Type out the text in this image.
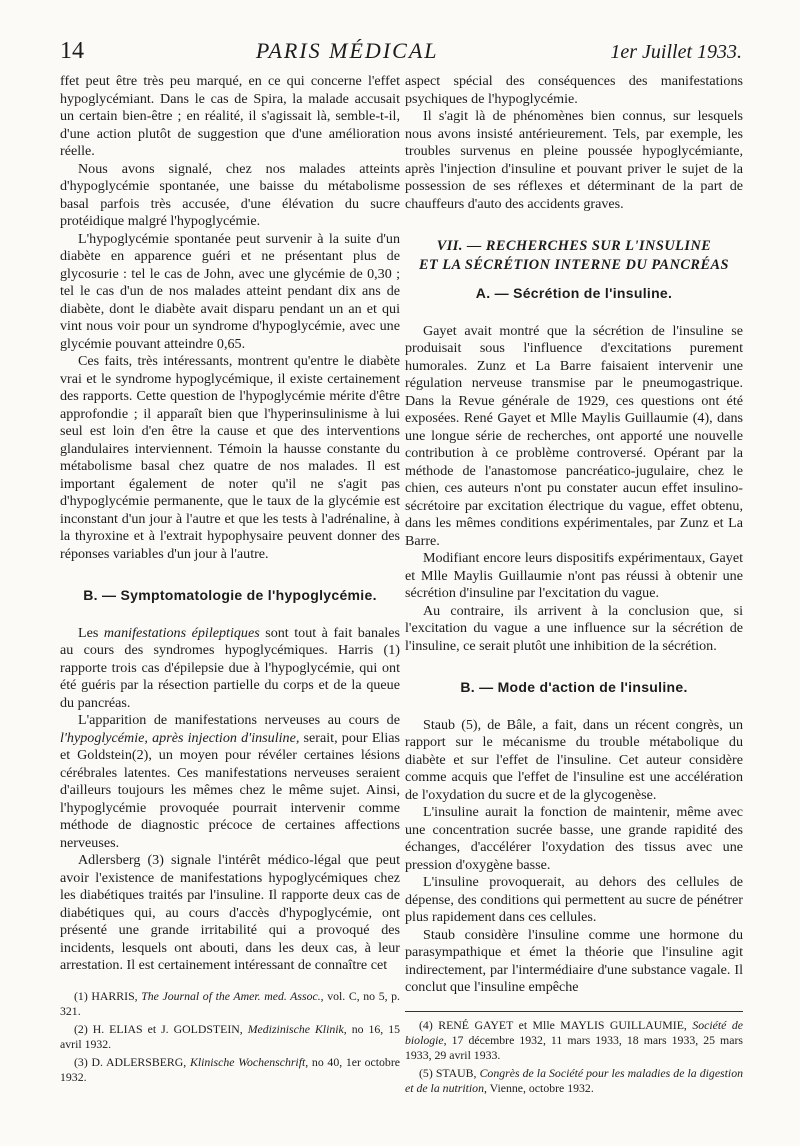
14	PARIS MÉDICAL	1er Juillet 1933.

ffet peut être très peu marqué, en ce qui concerne l'effet hypoglycémiant. Dans le cas de Spira, la malade accusait un certain bien-être ; en réalité, il s'agissait là, semble-t-il, d'une action plutôt de suggestion que d'une amélioration réelle.

Nous avons signalé, chez nos malades atteints d'hypoglycémie spontanée, une baisse du métabolisme basal parfois très accusée, d'une élévation du sucre protéidique malgré l'hypoglycémie.

L'hypoglycémie spontanée peut survenir à la suite d'un diabète en apparence guéri et ne présentant plus de glycosurie : tel le cas de John, avec une glycémie de 0,30 ; tel le cas d'un de nos malades atteint pendant dix ans de diabète, dont le diabète avait disparu pendant un an et qui vint nous voir pour un syndrome d'hypoglycémie, avec une glycémie pouvant atteindre 0,65.

Ces faits, très intéressants, montrent qu'entre le diabète vrai et le syndrome hypoglycémique, il existe certainement des rapports. Cette question de l'hypoglycémie mérite d'être approfondie ; il apparaît bien que l'hyperinsulinisme à lui seul est loin d'en être la cause et que des interventions glandulaires interviennent. Témoin la hausse constante du métabolisme basal chez quatre de nos malades. Il est important également de noter qu'il ne s'agit pas d'hypoglycémie permanente, que le taux de la glycémie est inconstant d'un jour à l'autre et que les tests à l'adrénaline, à la thyroxine et à l'extrait hypophysaire peuvent donner des réponses variables d'un jour à l'autre.

B. — Symptomatologie de l'hypoglycémie.

Les manifestations épileptiques sont tout à fait banales au cours des syndromes hypoglycémiques. Harris (1) rapporte trois cas d'épilepsie due à l'hypoglycémie, qui ont été guéris par la résection partielle du corps et de la queue du pancréas.

L'apparition de manifestations nerveuses au cours de l'hypoglycémie, après injection d'insuline, serait, pour Elias et Goldstein(2), un moyen pour révéler certaines lésions cérébrales latentes. Ces manifestations nerveuses seraient d'ailleurs toujours les mêmes chez le même sujet. Ainsi, l'hypoglycémie provoquée pourrait intervenir comme méthode de diagnostic précoce de certaines affections nerveuses.

Adlersberg (3) signale l'intérêt médico-légal que peut avoir l'existence de manifestations hypoglycémiques chez les diabétiques traités par l'insuline. Il rapporte deux cas de diabétiques qui, au cours d'accès d'hypoglycémie, ont présenté une grande irritabilité qui a provoqué des incidents, lesquels ont abouti, dans les deux cas, à leur arrestation. Il est certainement intéressant de connaître cet

(1) HARRIS, The Journal of the Amer. med. Assoc., vol. C, no 5, p. 321.

(2) H. ELIAS et J. GOLDSTEIN, Medizinische Klinik, no 16, 15 avril 1932.

(3) D. ADLERSBERG, Klinische Wochenschrift, no 40, 1er octobre 1932.

aspect spécial des conséquences des manifestations psychiques de l'hypoglycémie.

Il s'agit là de phénomènes bien connus, sur lesquels nous avons insisté antérieurement. Tels, par exemple, les troubles survenus en pleine poussée hypoglycémiante, après l'injection d'insuline et pouvant priver le sujet de la possession de ses réflexes et déterminant de la part de chauffeurs d'auto des accidents graves.

VII. — RECHERCHES SUR L'INSULINE
ET LA SÉCRÉTION INTERNE DU PANCRÉAS
A. — Sécrétion de l'insuline.

Gayet avait montré que la sécrétion de l'insuline se produisait sous l'influence d'excitations purement humorales. Zunz et La Barre faisaient intervenir une régulation nerveuse transmise par le pneumogastrique. Dans la Revue générale de 1929, ces questions ont été exposées. René Gayet et Mlle Maylis Guillaumie (4), dans une longue série de recherches, ont apporté une nouvelle contribution à ce problème controversé. Opérant par la méthode de l'anastomose pancréatico-jugulaire, chez le chien, ces auteurs n'ont pu constater aucun effet insulino-sécrétoire par excitation électrique du vague, effet obtenu, dans les mêmes conditions expérimentales, par Zunz et La Barre.

Modifiant encore leurs dispositifs expérimentaux, Gayet et Mlle Maylis Guillaumie n'ont pas réussi à obtenir une sécrétion d'insuline par l'excitation du vague.

Au contraire, ils arrivent à la conclusion que, si l'excitation du vague a une influence sur la sécrétion de l'insuline, ce serait plutôt une inhibition de la sécrétion.

B. — Mode d'action de l'insuline.

Staub (5), de Bâle, a fait, dans un récent congrès, un rapport sur le mécanisme du trouble métabolique du diabète et sur l'effet de l'insuline. Cet auteur considère comme acquis que l'effet de l'insuline est une accélération de l'oxydation du sucre et de la glycogenèse.

L'insuline aurait la fonction de maintenir, même avec une concentration sucrée basse, une grande rapidité des échanges, d'accélérer l'oxydation des tissus avec une pression d'oxygène basse.

L'insuline provoquerait, au dehors des cellules de dépense, des conditions qui permettent au sucre de pénétrer plus rapidement dans ces cellules.

Staub considère l'insuline comme une hormone du parasympathique et émet la théorie que l'insuline agit indirectement, par l'intermédiaire d'une substance vagale. Il conclut que l'insuline empêche

(4) RENÉ GAYET et Mlle MAYLIS GUILLAUMIE, Société de biologie, 17 décembre 1932, 11 mars 1933, 18 mars 1933, 25 mars 1933, 29 avril 1933.

(5) STAUB, Congrès de la Société pour les maladies de la digestion et de la nutrition, Vienne, octobre 1932.
